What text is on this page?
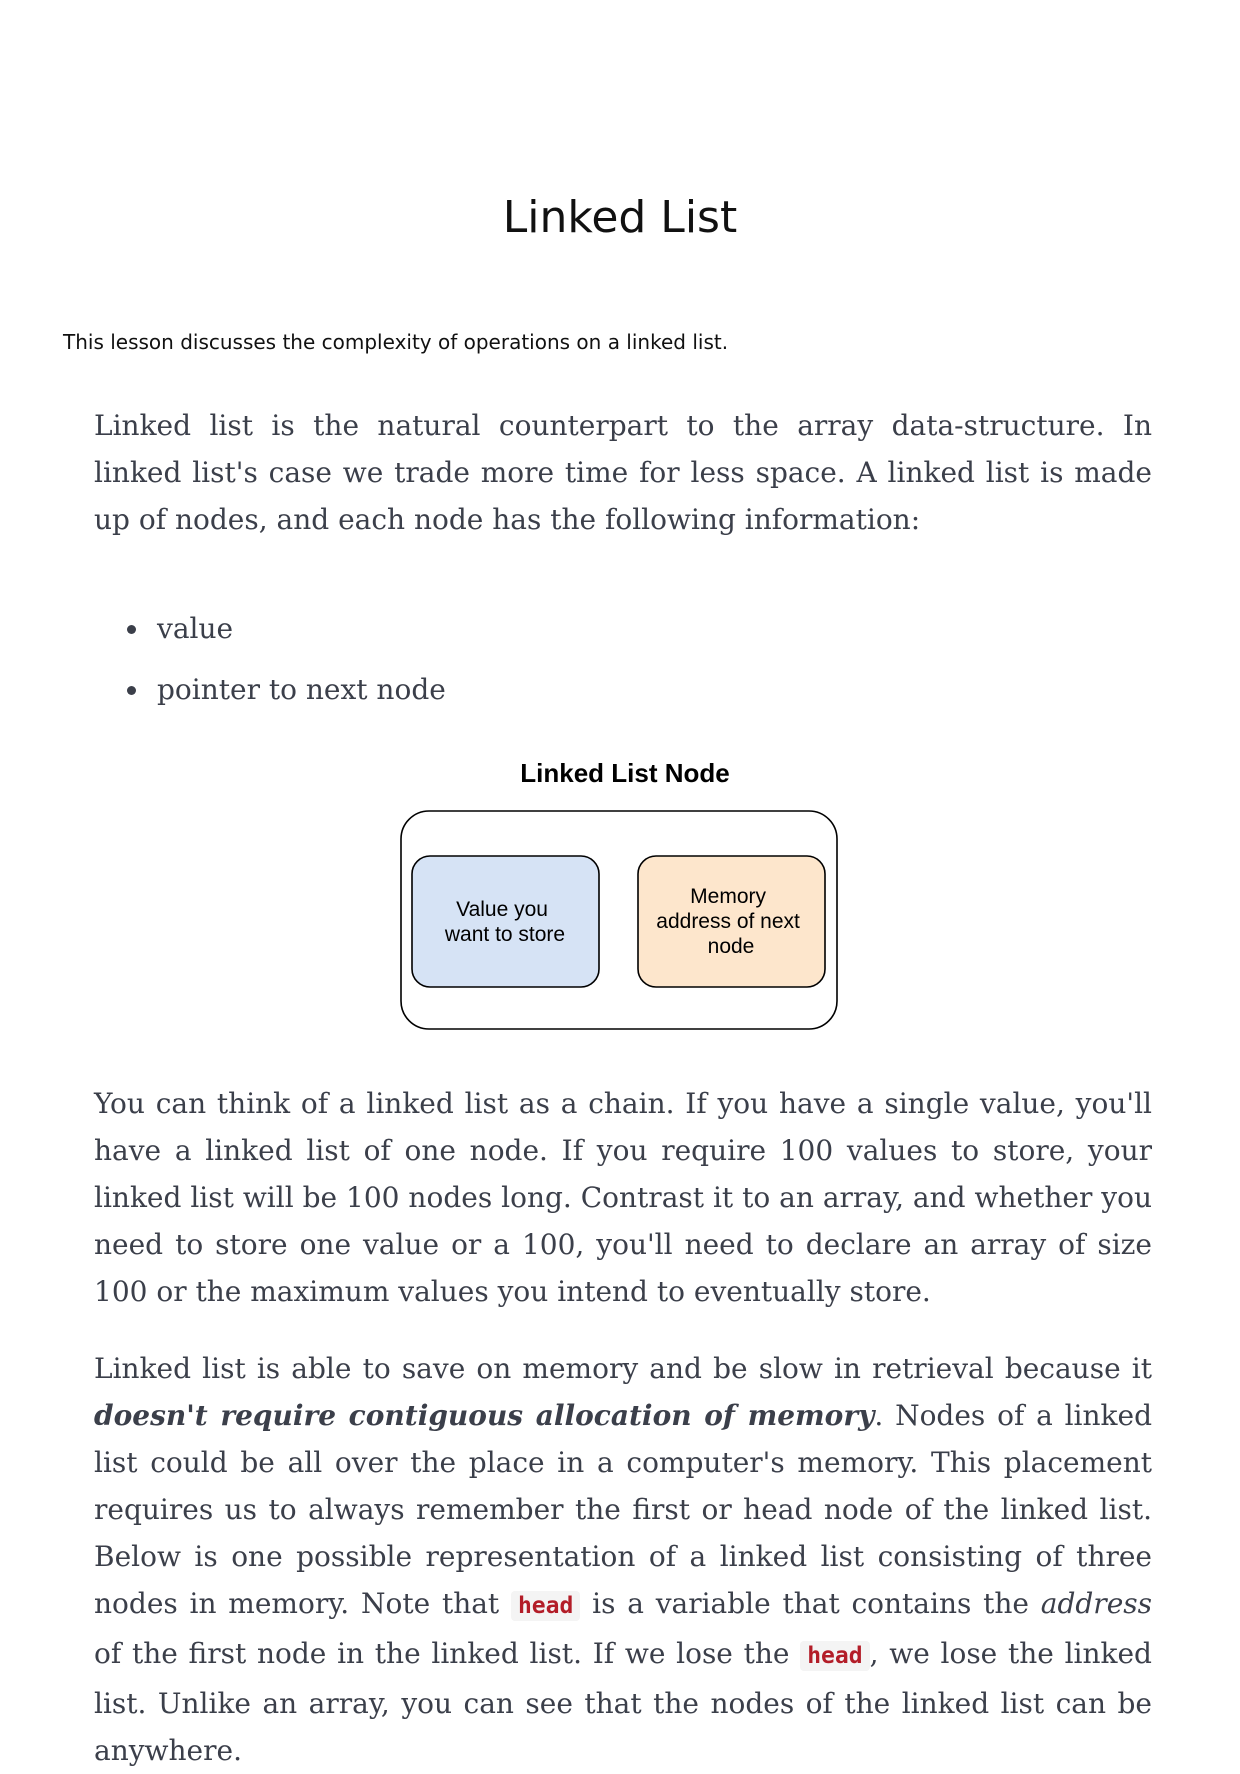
Linked List

This lesson discusses the complexity of operations on a linked list.

Linked list is the natural counterpart to the array data-structure. In linked list's case we trade more time for less space. A linked list is made up of nodes, and each node has the following information:

value
pointer to next node
Linked List Node
Value you want to store
Memory address of next node

You can think of a linked list as a chain. If you have a single value, you'll have a linked list of one node. If you require 100 values to store, your linked list will be 100 nodes long. Contrast it to an array, and whether you need to store one value or a 100, you'll need to declare an array of size 100 or the maximum values you intend to eventually store.

Linked list is able to save on memory and be slow in retrieval because it doesn't require contiguous allocation of memory. Nodes of a linked list could be all over the place in a computer's memory. This placement requires us to always remember the first or head node of the linked list. Below is one possible representation of a linked list consisting of three nodes in memory. Note that head is a variable that contains the address of the first node in the linked list. If we lose the head , we lose the linked list. Unlike an array, you can see that the nodes of the linked list can be anywhere.
